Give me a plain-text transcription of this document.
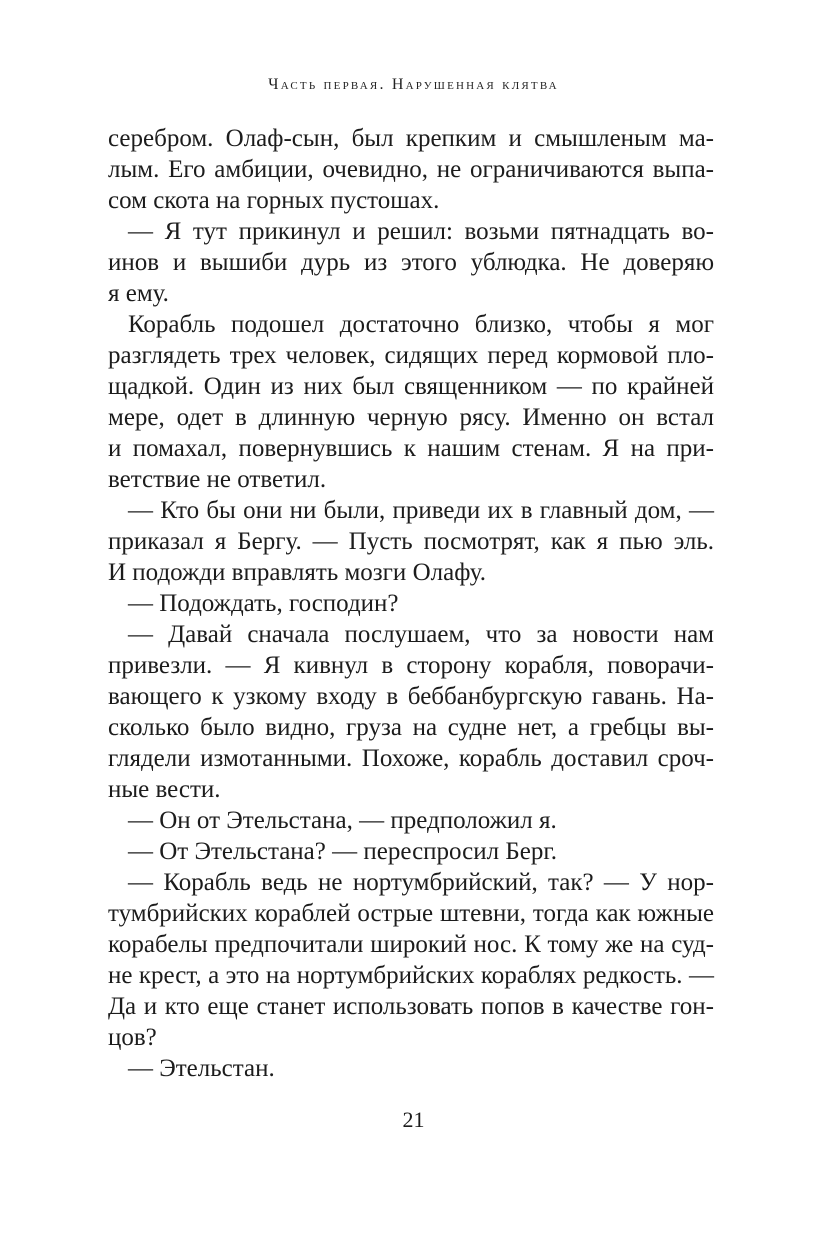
Часть первая. Нарушенная клятва
серебром. Олаф-сын, был крепким и смышленым ма-
лым. Его амбиции, очевидно, не ограничиваются выпа-
сом скота на горных пустошах.
— Я тут прикинул и решил: возьми пятнадцать во-
инов и вышиби дурь из этого ублюдка. Не доверяю
я ему.
Корабль подошел достаточно близко, чтобы я мог
разглядеть трех человек, сидящих перед кормовой пло-
щадкой. Один из них был священником — по крайней
мере, одет в длинную черную рясу. Именно он встал
и помахал, повернувшись к нашим стенам. Я на при-
ветствие не ответил.
— Кто бы они ни были, приведи их в главный дом, —
приказал я Бергу. — Пусть посмотрят, как я пью эль.
И подожди вправлять мозги Олафу.
— Подождать, господин?
— Давай сначала послушаем, что за новости нам
привезли. — Я кивнул в сторону корабля, поворачи-
вающего к узкому входу в беббанбургскую гавань. На-
сколько было видно, груза на судне нет, а гребцы вы-
глядели измотанными. Похоже, корабль доставил сроч-
ные вести.
— Он от Этельстана, — предположил я.
— От Этельстана? — переспросил Берг.
— Корабль ведь не нортумбрийский, так? — У нор-
тумбрийских кораблей острые штевни, тогда как южные
корабелы предпочитали широкий нос. К тому же на суд-
не крест, а это на нортумбрийских кораблях редкость. —
Да и кто еще станет использовать попов в качестве гон-
цов?
— Этельстан.
21
